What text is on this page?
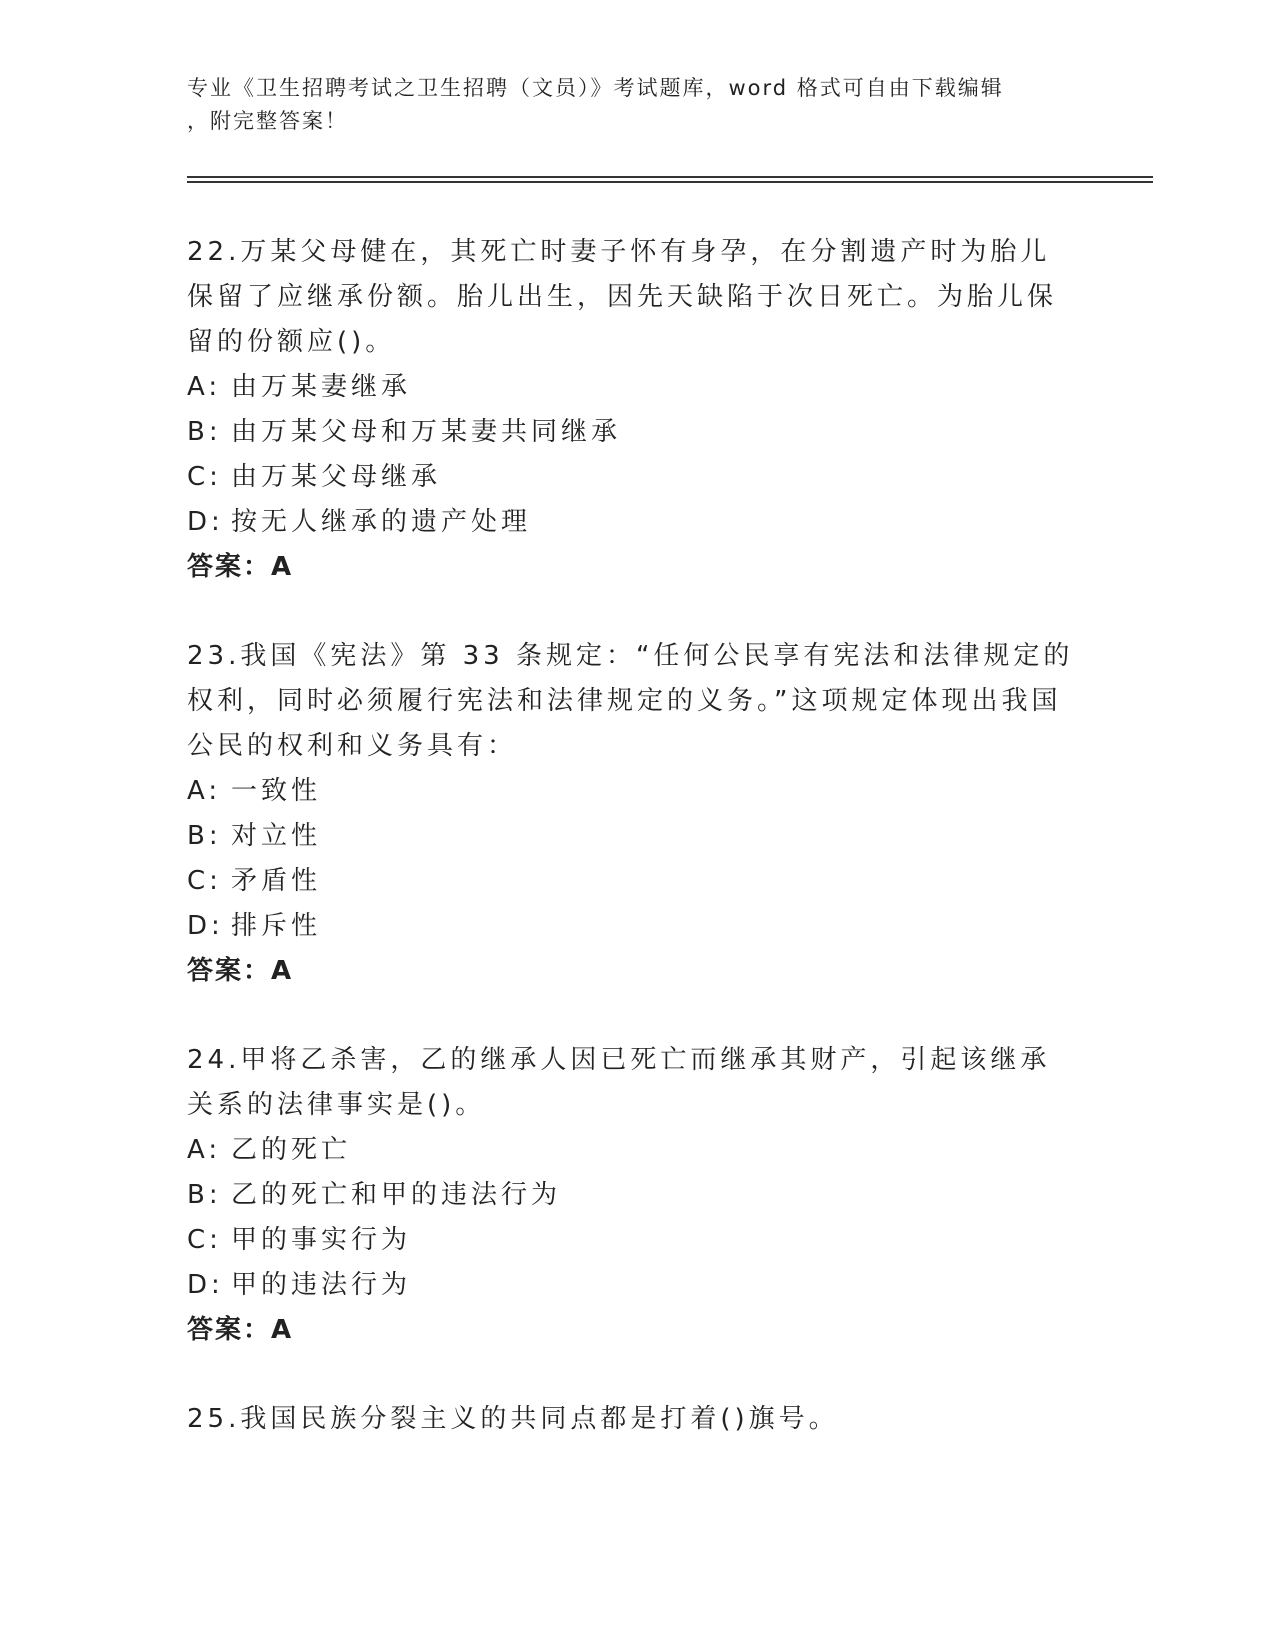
专业《卫生招聘考试之卫生招聘（文员）》考试题库，word 格式可自由下载编辑
，附完整答案！

22.万某父母健在，其死亡时妻子怀有身孕，在分割遗产时为胎儿保留了应继承份额。胎儿出生，因先天缺陷于次日死亡。为胎儿保留的份额应()。

A: 由万某妻继承
B: 由万某父母和万某妻共同继承
C: 由万某父母继承
D: 按无人继承的遗产处理
答案：A

23.我国《宪法》第 33 条规定：“任何公民享有宪法和法律规定的权利，同时必须履行宪法和法律规定的义务。”这项规定体现出我国公民的权利和义务具有：

A: 一致性
B: 对立性
C: 矛盾性
D: 排斥性
答案：A

24.甲将乙杀害，乙的继承人因已死亡而继承其财产，引起该继承关系的法律事实是()。

A: 乙的死亡
B: 乙的死亡和甲的违法行为
C: 甲的事实行为
D: 甲的违法行为
答案：A

25.我国民族分裂主义的共同点都是打着()旗号。
